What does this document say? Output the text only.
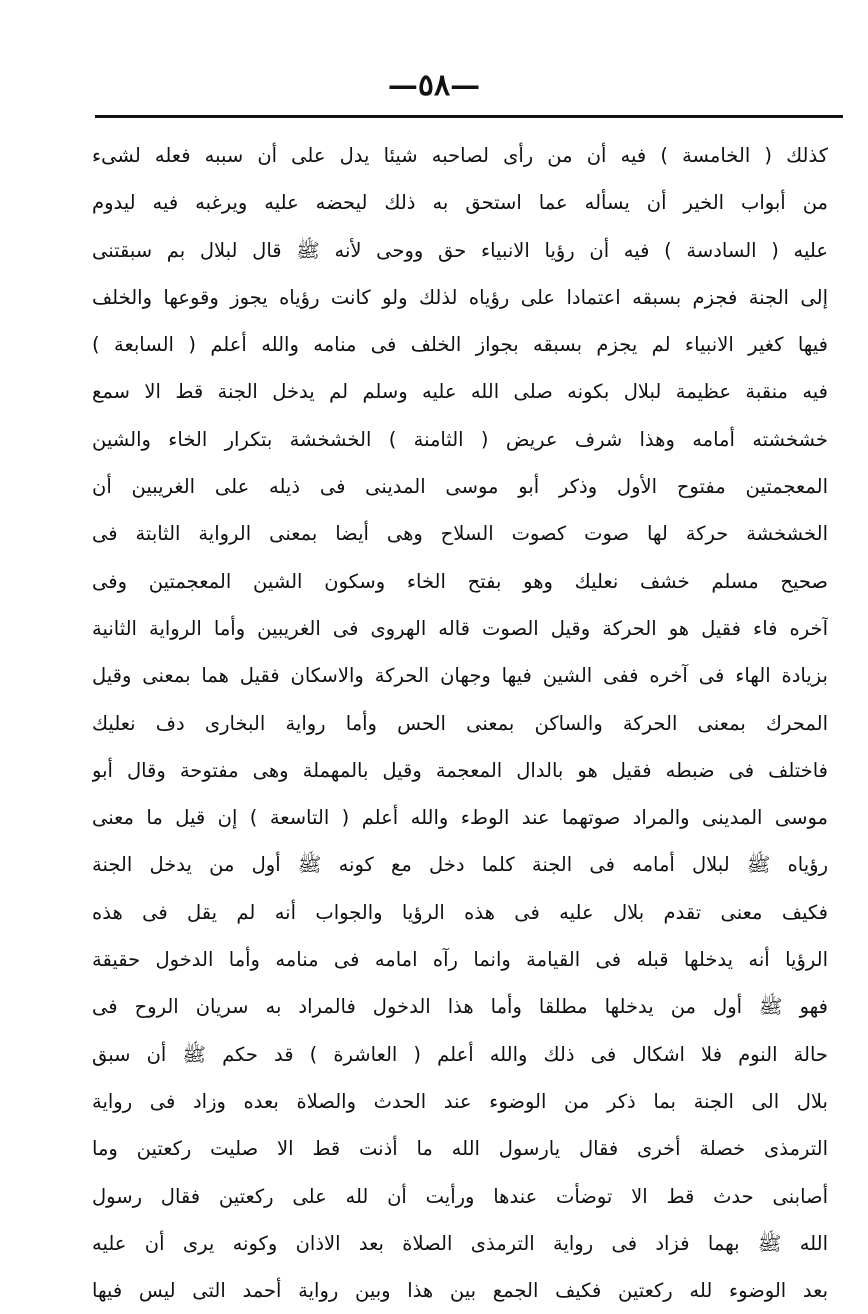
—٥٨—
كذلك ( الخامسة ) فيه أن من رأى لصاحبه شيئا يدل على أن سببه فعله لشىء
من أبواب الخير أن يسأله عما استحق به ذلك ليحضه عليه ويرغبه فيه ليدوم
عليه ( السادسة ) فيه أن رؤيا الانبياء حق ووحى لأنه ﷺ قال لبلال بم سبقتنى
إلى الجنة فجزم بسبقه اعتمادا على رؤياه لذلك ولو كانت رؤياه يجوز وقوعها والخلف
فيها كغير الانبياء لم يجزم بسبقه بجواز الخلف فى منامه والله أعلم ( السابعة )
فيه منقبة عظيمة لبلال بكونه صلى الله عليه وسلم لم يدخل الجنة قط الا سمع
خشخشته أمامه وهذا شرف عريض ( الثامنة ) الخشخشة بتكرار الخاء والشين
المعجمتين مفتوح الأول وذكر أبو موسى المدينى فى ذيله على الغريبين أن
الخشخشة حركة لها صوت كصوت السلاح وهى أيضا بمعنى الرواية الثابتة فى
صحيح مسلم خشف نعليك وهو بفتح الخاء وسكون الشين المعجمتين وفى
آخره فاء فقيل هو الحركة وقيل الصوت قاله الهروى فى الغريبين وأما الرواية الثانية
بزيادة الهاء فى آخره ففى الشين فيها وجهان الحركة والاسكان فقيل هما بمعنى وقيل
المحرك بمعنى الحركة والساكن بمعنى الحس وأما رواية البخارى دف نعليك
فاختلف فى ضبطه فقيل هو بالدال المعجمة وقيل بالمهملة وهى مفتوحة وقال أبو
موسى المدينى والمراد صوتهما عند الوطء والله أعلم ( التاسعة ) إن قيل ما معنى
رؤياه ﷺ لبلال أمامه فى الجنة كلما دخل مع كونه ﷺ أول من يدخل الجنة
فكيف معنى تقدم بلال عليه فى هذه الرؤيا والجواب أنه لم يقل فى هذه
الرؤيا أنه يدخلها قبله فى القيامة وانما رآه امامه فى منامه وأما الدخول حقيقة
فهو ﷺ أول من يدخلها مطلقا وأما هذا الدخول فالمراد به سريان الروح فى
حالة النوم فلا اشكال فى ذلك والله أعلم ( العاشرة ) قد حكم ﷺ أن سبق
بلال الى الجنة بما ذكر من الوضوء عند الحدث والصلاة بعده وزاد فى رواية
الترمذى خصلة أخرى فقال يارسول الله ما أذنت قط الا صليت ركعتين وما
أصابنى حدث قط الا توضأت عندها ورأيت أن لله على ركعتين فقال رسول
الله ﷺ بهما فزاد فى رواية الترمذى الصلاة بعد الاذان وكونه يرى أن عليه
بعد الوضوء لله ركعتين فكيف الجمع بين هذا وبين رواية أحمد التى ليس فيها
